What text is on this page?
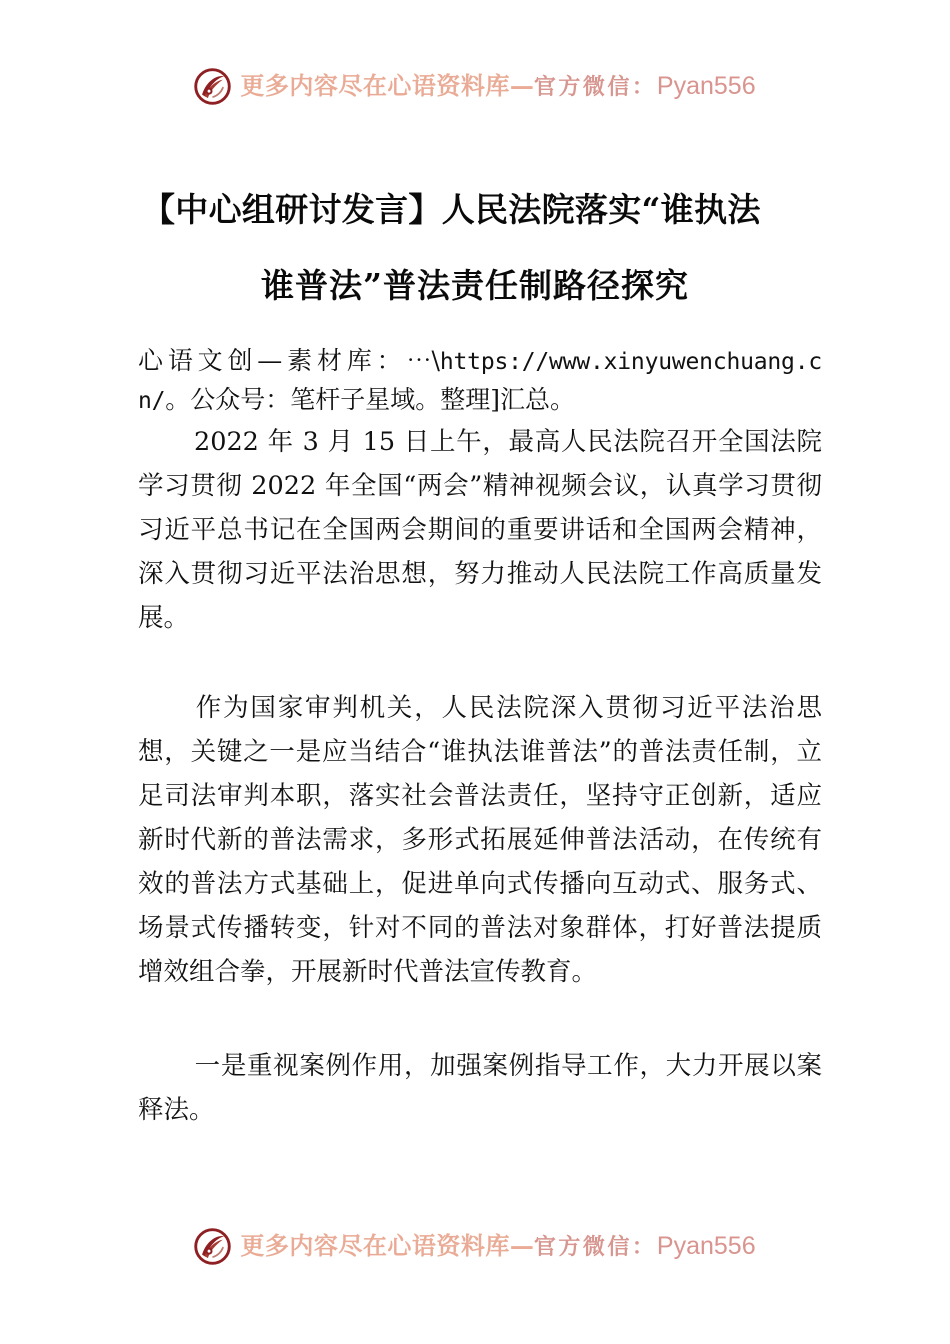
更多内容尽在心语资料库 — 官方微信 ： Pyan556
【中心组研讨发言】人民法院落实“谁执法
谁普法”普法责任制路径探究

心语文创—素材库：⋯\https://www.xinyuwenchuang.cn/。公众号：笔杆子星域。整理]汇总。

2022 年 3 月 15 日上午，最高人民法院召开全国法院学习贯彻 2022 年全国“两会”精神视频会议，认真学习贯彻习近平总书记在全国两会期间的重要讲话和全国两会精神，深入贯彻习近平法治思想，努力推动人民法院工作高质量发展。

作为国家审判机关，人民法院深入贯彻习近平法治思想，关键之一是应当结合“谁执法谁普法”的普法责任制，立足司法审判本职，落实社会普法责任，坚持守正创新，适应新时代新的普法需求，多形式拓展延伸普法活动，在传统有效的普法方式基础上，促进单向式传播向互动式、服务式、场景式传播转变，针对不同的普法对象群体，打好普法提质增效组合拳，开展新时代普法宣传教育。

一是重视案例作用，加强案例指导工作，大力开展以案释法。

更多内容尽在心语资料库 — 官方微信 ： Pyan556
